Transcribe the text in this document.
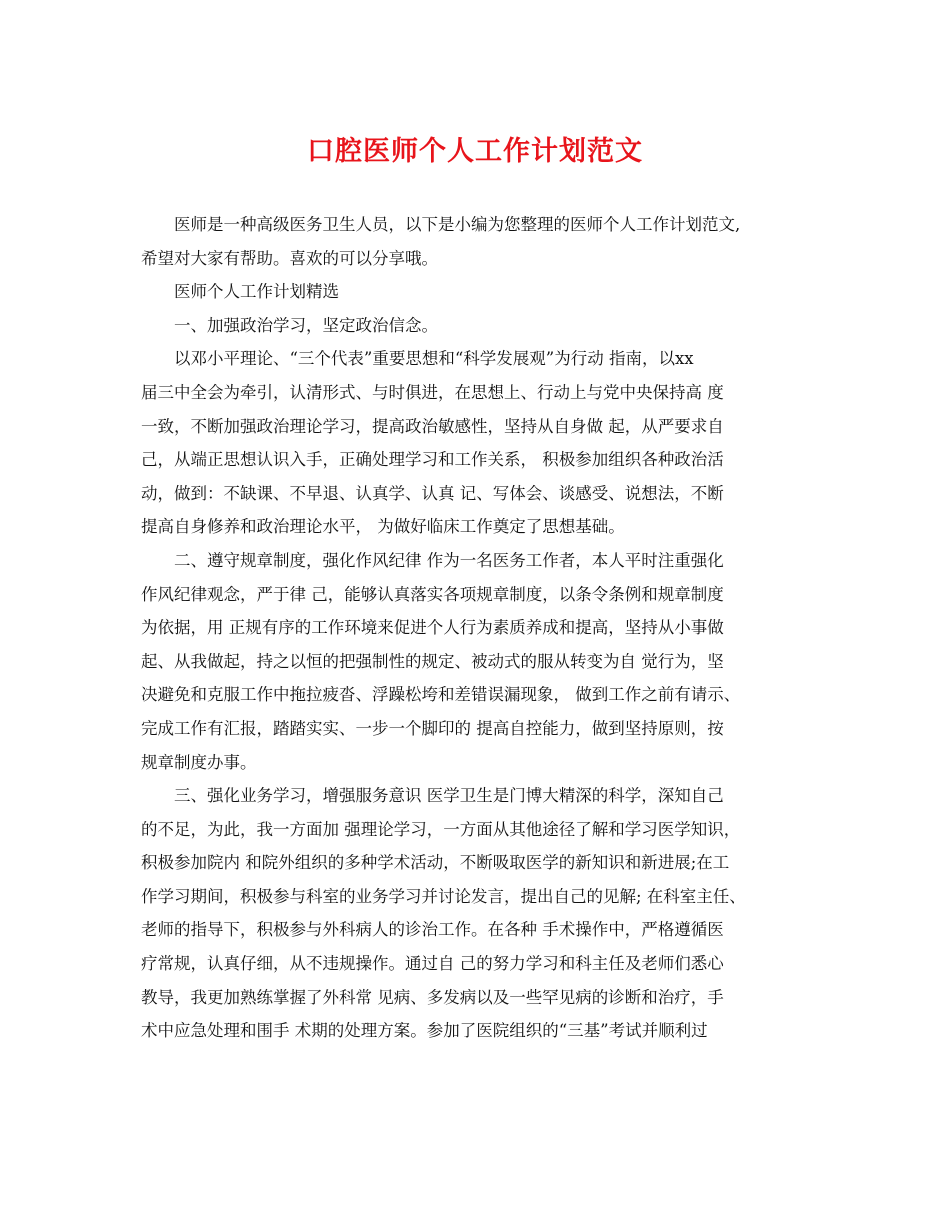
口腔医师个人工作计划范文
医师是一种高级医务卫生人员，以下是小编为您整理的医师个人工作计划范文,
希望对大家有帮助。喜欢的可以分享哦。
医师个人工作计划精选
一、加强政治学习，坚定政治信念。
以邓小平理论、“三个代表”重要思想和“科学发展观”为行动 指南，以xx
届三中全会为牵引，认清形式、与时俱进，在思想上、行动上与党中央保持高 度
一致，不断加强政治理论学习，提高政治敏感性，坚持从自身做 起，从严要求自
己，从端正思想认识入手，正确处理学习和工作关系， 积极参加组织各种政治活
动，做到：不缺课、不早退、认真学、认真 记、写体会、谈感受、说想法，不断
提高自身修养和政治理论水平， 为做好临床工作奠定了思想基础。
二、遵守规章制度，强化作风纪律 作为一名医务工作者，本人平时注重强化
作风纪律观念，严于律 己，能够认真落实各项规章制度，以条令条例和规章制度
为依据，用 正规有序的工作环境来促进个人行为素质养成和提高，坚持从小事做
起、从我做起，持之以恒的把强制性的规定、被动式的服从转变为自 觉行为，坚
决避免和克服工作中拖拉疲沓、浮躁松垮和差错误漏现象， 做到工作之前有请示、
完成工作有汇报，踏踏实实、一步一个脚印的 提高自控能力，做到坚持原则，按
规章制度办事。
三、强化业务学习，增强服务意识 医学卫生是门博大精深的科学，深知自己
的不足，为此，我一方面加 强理论学习，一方面从其他途径了解和学习医学知识，
积极参加院内 和院外组织的多种学术活动，不断吸取医学的新知识和新进展;在工
作学习期间，积极参与科室的业务学习并讨论发言，提出自己的见解; 在科室主任、
老师的指导下，积极参与外科病人的诊治工作。在各种 手术操作中，严格遵循医
疗常规，认真仔细，从不违规操作。通过自 己的努力学习和科主任及老师们悉心
教导，我更加熟练掌握了外科常 见病、多发病以及一些罕见病的诊断和治疗，手
术中应急处理和围手 术期的处理方案。参加了医院组织的“三基”考试并顺利过
